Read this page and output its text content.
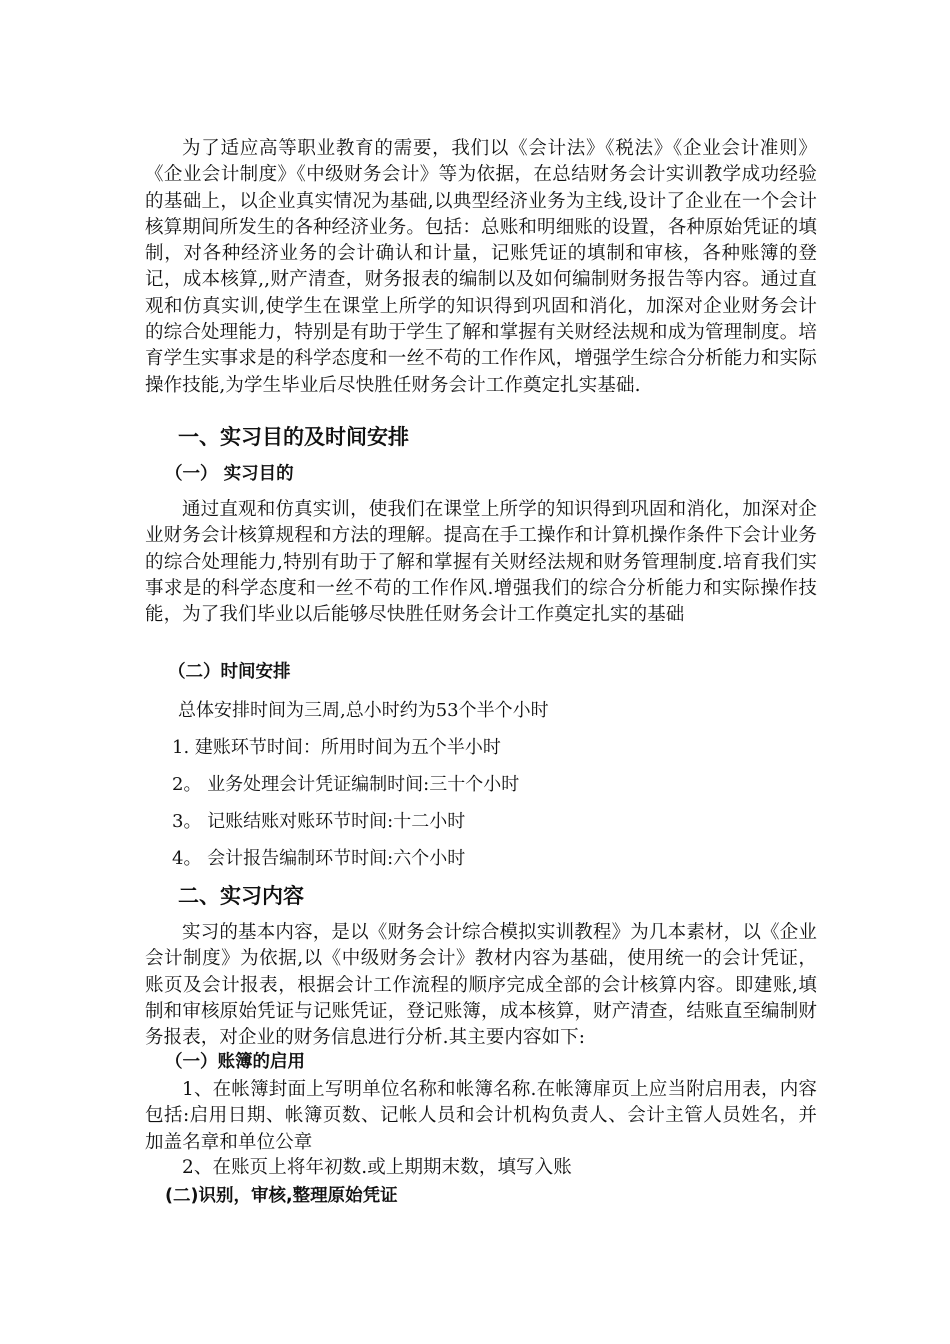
为了适应高等职业教育的需要，我们以《会计法》《税法》《企业会计准则》《企业会计制度》《中级财务会计》等为依据，在总结财务会计实训教学成功经验的基础上，以企业真实情况为基础,以典型经济业务为主线,设计了企业在一个会计核算期间所发生的各种经济业务。包括：总账和明细账的设置，各种原始凭证的填制，对各种经济业务的会计确认和计量，记账凭证的填制和审核，各种账簿的登记，成本核算,,财产清查，财务报表的编制以及如何编制财务报告等内容。通过直观和仿真实训,使学生在课堂上所学的知识得到巩固和消化，加深对企业财务会计的综合处理能力，特别是有助于学生了解和掌握有关财经法规和成为管理制度。培育学生实事求是的科学态度和一丝不苟的工作作风，增强学生综合分析能力和实际操作技能,为学生毕业后尽快胜任财务会计工作奠定扎实基础.

一、实习目的及时间安排
（一） 实习目的

通过直观和仿真实训，使我们在课堂上所学的知识得到巩固和消化，加深对企业财务会计核算规程和方法的理解。提高在手工操作和计算机操作条件下会计业务的综合处理能力,特别有助于了解和掌握有关财经法规和财务管理制度.培育我们实事求是的科学态度和一丝不苟的工作作风.增强我们的综合分析能力和实际操作技能，为了我们毕业以后能够尽快胜任财务会计工作奠定扎实的基础

（二）时间安排
总体安排时间为三周,总小时约为53个半个小时
1. 建账环节时间：所用时间为五个半小时
2。 业务处理会计凭证编制时间:三十个小时
3。 记账结账对账环节时间:十二小时
4。 会计报告编制环节时间:六个小时
二、实习内容

实习的基本内容，是以《财务会计综合模拟实训教程》为几本素材，以《企业会计制度》为依据,以《中级财务会计》教材内容为基础，使用统一的会计凭证，账页及会计报表，根据会计工作流程的顺序完成全部的会计核算内容。即建账,填制和审核原始凭证与记账凭证，登记账簿，成本核算，财产清查，结账直至编制财务报表，对企业的财务信息进行分析.其主要内容如下:

（一）账簿的启用

1、在帐簿封面上写明单位名称和帐簿名称.在帐簿扉页上应当附启用表，内容包括:启用日期、帐簿页数、记帐人员和会计机构负责人、会计主管人员姓名，并加盖名章和单位公章

2、在账页上将年初数.或上期期末数，填写入账

(二)识别，审核,整理原始凭证
